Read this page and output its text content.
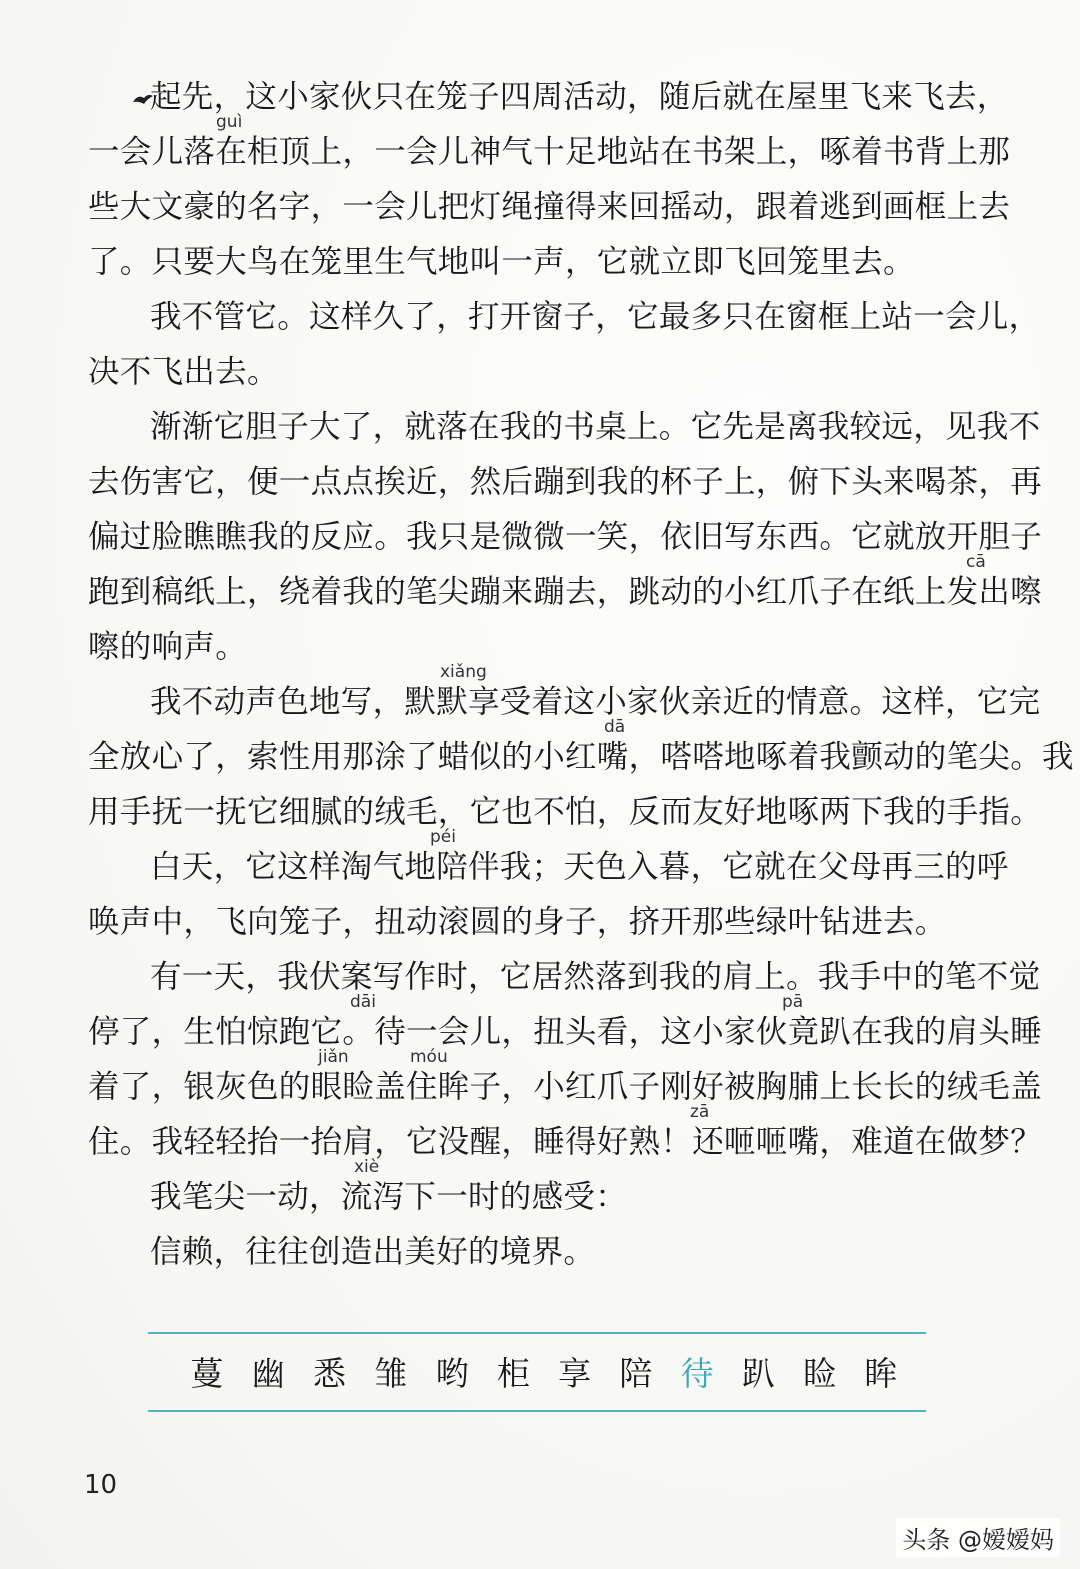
起先，这小家伙只在笼子四周活动，随后就在屋里飞来飞去，
一会儿落在柜顶上，一会儿神气十足地站在书架上，啄着书背上那
些大文豪的名字，一会儿把灯绳撞得来回摇动，跟着逃到画框上去
了。只要大鸟在笼里生气地叫一声，它就立即飞回笼里去。
我不管它。这样久了，打开窗子，它最多只在窗框上站一会儿，
决不飞出去。
渐渐它胆子大了，就落在我的书桌上。它先是离我较远，见我不
去伤害它，便一点点挨近，然后蹦到我的杯子上，俯下头来喝茶，再
偏过脸瞧瞧我的反应。我只是微微一笑，依旧写东西。它就放开胆子
跑到稿纸上，绕着我的笔尖蹦来蹦去，跳动的小红爪子在纸上发出嚓
嚓的响声。
我不动声色地写，默默享受着这小家伙亲近的情意。这样，它完
全放心了，索性用那涂了蜡似的小红嘴，嗒嗒地啄着我颤动的笔尖。我
用手抚一抚它细腻的绒毛，它也不怕，反而友好地啄两下我的手指。
白天，它这样淘气地陪伴我；天色入暮，它就在父母再三的呼
唤声中，飞向笼子，扭动滚圆的身子，挤开那些绿叶钻进去。
有一天，我伏案写作时，它居然落到我的肩上。我手中的笔不觉
停了，生怕惊跑它。待一会儿，扭头看，这小家伙竟趴在我的肩头睡
着了，银灰色的眼睑盖住眸子，小红爪子刚好被胸脯上长长的绒毛盖
住。我轻轻抬一抬肩，它没醒，睡得好熟！还咂咂嘴，难道在做梦？
我笔尖一动，流泻下一时的感受：
信赖，往往创造出美好的境界。
guì
cā
xiǎng
dā
péi
dāi	pā
jiǎn	móu
zā
xiè
蔓 幽 悉 雏 哟 柜 享 陪 待 趴 睑 眸
10
头条 @嫒嫒妈
